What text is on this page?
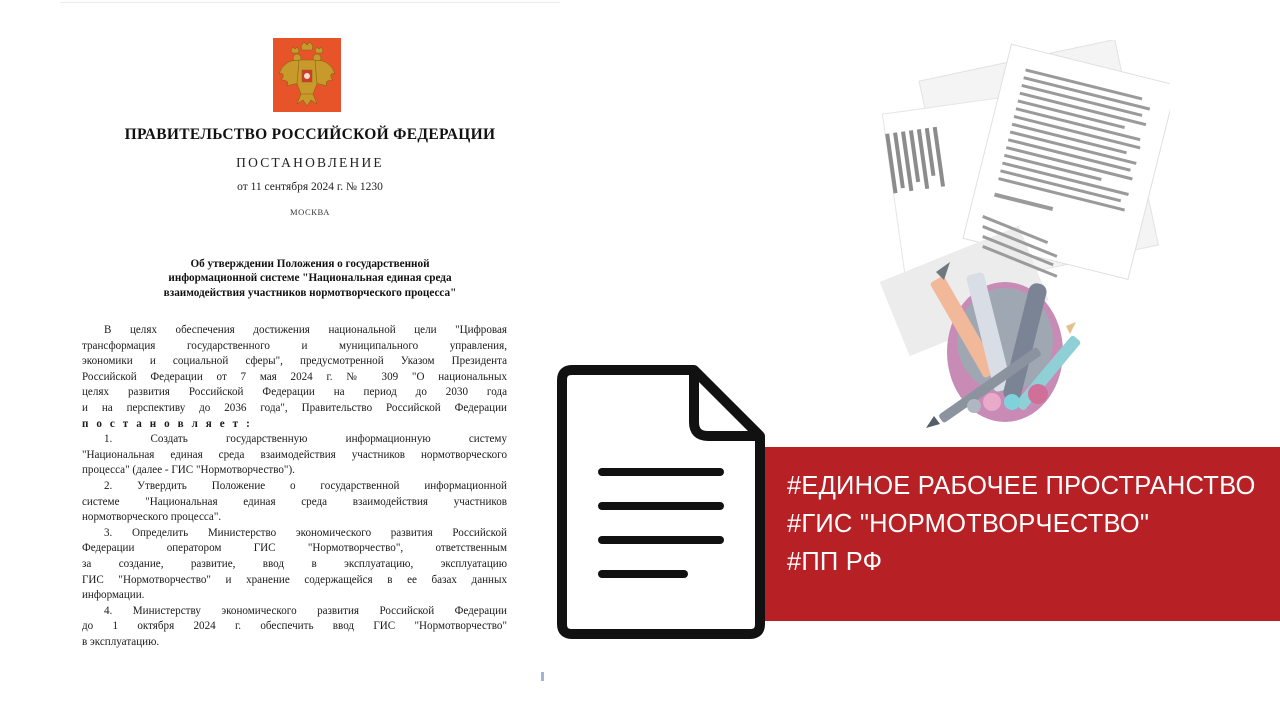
ПРАВИТЕЛЬСТВО РОССИЙСКОЙ ФЕДЕРАЦИИ
ПОСТАНОВЛЕНИЕ
от 11 сентября 2024 г. № 1230
МОСКВА
Об утверждении Положения о государственной
информационной системе "Национальная единая среда
взаимодействия участников нормотворческого процесса"
В целях обеспечения достижения национальной цели "Цифровая
трансформация государственного и муниципального управления,
экономики и социальной сферы", предусмотренной Указом Президента
Российской Федерации от 7 мая 2024 г. № 309 "О национальных
целях развития Российской Федерации на период до 2030 года
и на перспективу до 2036 года", Правительство Российской Федерации
п о с т а н о в л я е т :
1. Создать государственную информационную систему
"Национальная единая среда взаимодействия участников нормотворческого
процесса" (далее - ГИС "Нормотворчество").
2. Утвердить Положение о государственной информационной
системе "Национальная единая среда взаимодействия участников
нормотворческого процесса".
3. Определить Министерство экономического развития Российской
Федерации оператором ГИС "Нормотворчество", ответственным
за создание, развитие, ввод в эксплуатацию, эксплуатацию
ГИС "Нормотворчество" и хранение содержащейся в ее базах данных
информации.
4. Министерству экономического развития Российской Федерации
до 1 октября 2024 г. обеспечить ввод ГИС "Нормотворчество"
в эксплуатацию.
#ЕДИНОЕ РАБОЧЕЕ ПРОСТРАНСТВО
#ГИС "НОРМОТВОРЧЕСТВО"
#ПП РФ
